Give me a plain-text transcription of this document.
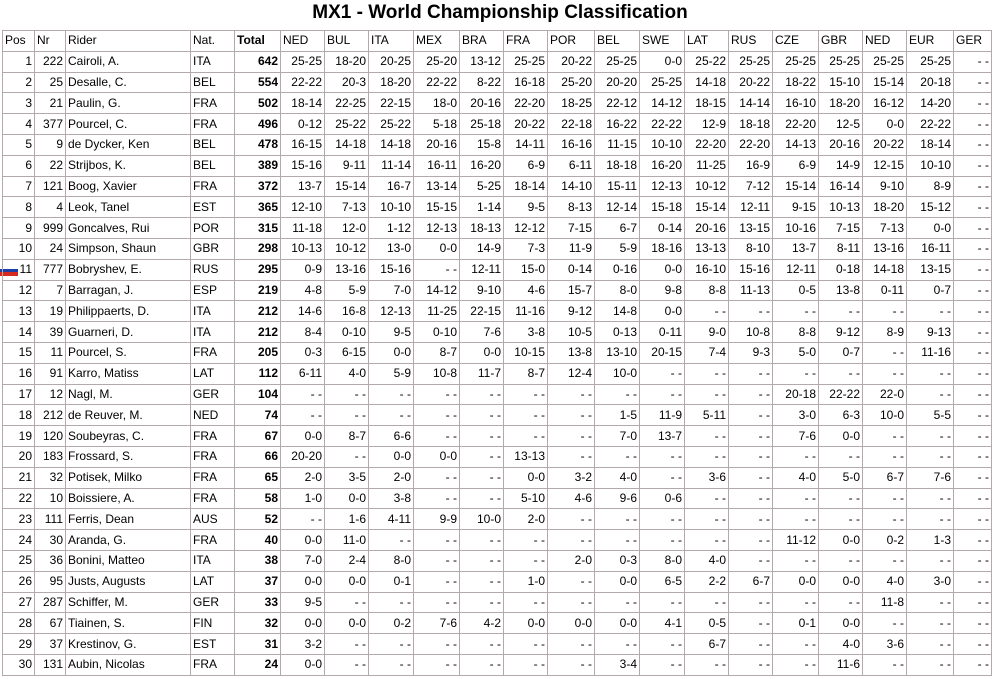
MX1 - World Championship Classification
Pos	Nr	Rider	Nat.	Total	NED	BUL	ITA	MEX	BRA	FRA	POR	BEL	SWE	LAT	RUS	CZE	GBR	NED	EUR	GER
1	222	Cairoli, A.	ITA	642	25-25	18-20	20-25	25-20	13-12	25-25	20-22	25-25	0-0	25-22	25-25	25-25	25-25	25-25	25-25	- -
2	25	Desalle, C.	BEL	554	22-22	20-3	18-20	22-22	8-22	16-18	25-20	20-20	25-25	14-18	20-22	18-22	15-10	15-14	20-18	- -
3	21	Paulin, G.	FRA	502	18-14	22-25	22-15	18-0	20-16	22-20	18-25	22-12	14-12	18-15	14-14	16-10	18-20	16-12	14-20	- -
4	377	Pourcel, C.	FRA	496	0-12	25-22	25-22	5-18	25-18	20-22	22-18	16-22	22-22	12-9	18-18	22-20	12-5	0-0	22-22	- -
5	9	de Dycker, Ken	BEL	478	16-15	14-18	14-18	20-16	15-8	14-11	16-16	11-15	10-10	22-20	22-20	14-13	20-16	20-22	18-14	- -
6	22	Strijbos, K.	BEL	389	15-16	9-11	11-14	16-11	16-20	6-9	6-11	18-18	16-20	11-25	16-9	6-9	14-9	12-15	10-10	- -
7	121	Boog, Xavier	FRA	372	13-7	15-14	16-7	13-14	5-25	18-14	14-10	15-11	12-13	10-12	7-12	15-14	16-14	9-10	8-9	- -
8	4	Leok, Tanel	EST	365	12-10	7-13	10-10	15-15	1-14	9-5	8-13	12-14	15-18	15-14	12-11	9-15	10-13	18-20	15-12	- -
9	999	Goncalves, Rui	POR	315	11-18	12-0	1-12	12-13	18-13	12-12	7-15	6-7	0-14	20-16	13-15	10-16	7-15	7-13	0-0	- -
10	24	Simpson, Shaun	GBR	298	10-13	10-12	13-0	0-0	14-9	7-3	11-9	5-9	18-16	13-13	8-10	13-7	8-11	13-16	16-11	- -
11	777	Bobryshev, E.	RUS	295	0-9	13-16	15-16	- -	12-11	15-0	0-14	0-16	0-0	16-10	15-16	12-11	0-18	14-18	13-15	- -
12	7	Barragan, J.	ESP	219	4-8	5-9	7-0	14-12	9-10	4-6	15-7	8-0	9-8	8-8	11-13	0-5	13-8	0-11	0-7	- -
13	19	Philippaerts, D.	ITA	212	14-6	16-8	12-13	11-25	22-15	11-16	9-12	14-8	0-0	- -	- -	- -	- -	- -	- -	- -
14	39	Guarneri, D.	ITA	212	8-4	0-10	9-5	0-10	7-6	3-8	10-5	0-13	0-11	9-0	10-8	8-8	9-12	8-9	9-13	- -
15	11	Pourcel, S.	FRA	205	0-3	6-15	0-0	8-7	0-0	10-15	13-8	13-10	20-15	7-4	9-3	5-0	0-7	- -	11-16	- -
16	91	Karro, Matiss	LAT	112	6-11	4-0	5-9	10-8	11-7	8-7	12-4	10-0	- -	- -	- -	- -	- -	- -	- -	- -
17	12	Nagl, M.	GER	104	- -	- -	- -	- -	- -	- -	- -	- -	- -	- -	- -	20-18	22-22	22-0	- -	- -
18	212	de Reuver, M.	NED	74	- -	- -	- -	- -	- -	- -	- -	1-5	11-9	5-11	- -	3-0	6-3	10-0	5-5	- -
19	120	Soubeyras, C.	FRA	67	0-0	8-7	6-6	- -	- -	- -	- -	7-0	13-7	- -	- -	7-6	0-0	- -	- -	- -
20	183	Frossard, S.	FRA	66	20-20	- -	0-0	0-0	- -	13-13	- -	- -	- -	- -	- -	- -	- -	- -	- -	- -
21	32	Potisek, Milko	FRA	65	2-0	3-5	2-0	- -	- -	0-0	3-2	4-0	- -	3-6	- -	4-0	5-0	6-7	7-6	- -
22	10	Boissiere, A.	FRA	58	1-0	0-0	3-8	- -	- -	5-10	4-6	9-6	0-6	- -	- -	- -	- -	- -	- -	- -
23	111	Ferris, Dean	AUS	52	- -	1-6	4-11	9-9	10-0	2-0	- -	- -	- -	- -	- -	- -	- -	- -	- -	- -
24	30	Aranda, G.	FRA	40	0-0	11-0	- -	- -	- -	- -	- -	- -	- -	- -	- -	11-12	0-0	0-2	1-3	- -
25	36	Bonini, Matteo	ITA	38	7-0	2-4	8-0	- -	- -	- -	2-0	0-3	8-0	4-0	- -	- -	- -	- -	- -	- -
26	95	Justs, Augusts	LAT	37	0-0	0-0	0-1	- -	- -	1-0	- -	0-0	6-5	2-2	6-7	0-0	0-0	4-0	3-0	- -
27	287	Schiffer, M.	GER	33	9-5	- -	- -	- -	- -	- -	- -	- -	- -	- -	- -	- -	- -	11-8	- -	- -
28	67	Tiainen, S.	FIN	32	0-0	0-0	0-2	7-6	4-2	0-0	0-0	0-0	4-1	0-5	- -	0-1	0-0	- -	- -	- -
29	37	Krestinov, G.	EST	31	3-2	- -	- -	- -	- -	- -	- -	- -	- -	6-7	- -	- -	4-0	3-6	- -	- -
30	131	Aubin, Nicolas	FRA	24	0-0	- -	- -	- -	- -	- -	- -	3-4	- -	- -	- -	- -	11-6	- -	- -	- -
